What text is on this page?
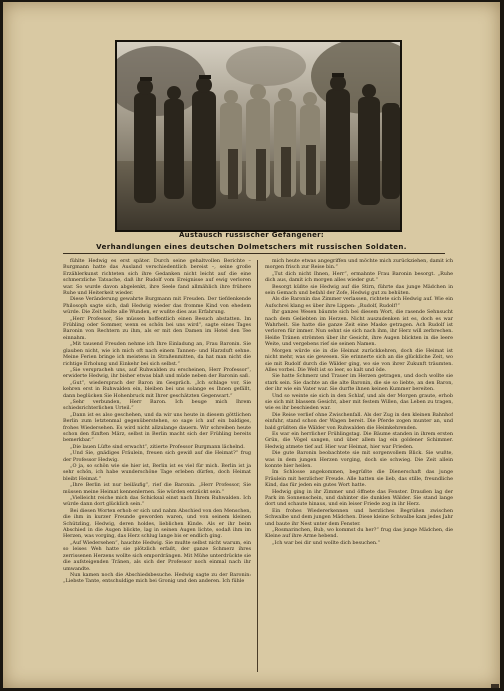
Austausch russischer Gefangener:
Verhandlungen eines deutschen Dolmetschers mit russischen Soldaten.

fühlte Hedwig es erst später. Durch seine gehaltvollen Berichte – Burgmann hatte das Ausland verschiedentlich bereist –, seine große Erzählerkunst richteten sich ihre Gedanken nicht leicht auf die eine schmerzliche Tatsache, daß ihr Rudolf vom Ereignisse auf ewig verloren war. So wurde davon abgelenkt, ihre Seele fand allmählich ihre frühere Ruhe und Heiterkeit wieder.

Diese Veränderung gewahrte Burgmann mit Freuden. Der tiefdenkende Philosoph sagte sich, daß Hedwig wieder das fromme Kind von ehedem würde. Die Zeit heilte alle Wunden, er wußte dies aus Erfahrung.

„Herr Professor, Sie müssen hoffentlich einen Besuch abstatten. Im Frühling oder Sommer, wenn es schön bei uns wird“, sagte eines Tages Baronin von Rechtern zu ihm, als er mit den Damen im Hotel den Tee einnahm.

„Mit tausend Freuden nehme ich Ihre Einladung an, Frau Baronin. Sie glauben nicht, wie ich mich oft nach einem Tannen- und Harzduft sehne. Meine Ferien bringe ich meistens in Straßenmitten, da hat man nicht die richtige Erholung und Einkehr bei sich selbst.“

„Sie verspracheh uns, auf Ruhwalden zu erscheinen, Herr Professor“, erwiderte Hedwig, ihr bisher etwas blaß und müde neben der Baronin saß.

„Gut“, wiedersprach der Baron im Gespräch. „Ich schlage vor, Sie kehren erst in Ruhwalden ein, bleiben bei uns solange es Ihnen gefällt, dann beglücken Sie Hohenbruck mit Ihrer geschätzten Gegenwart.“

„Sehr verbunden, Herr Baron. Ich beuge mich Ihrem schiedsrichterlichen Urteil.“

„Dann ist es also geschehen, und da wir uns heute in diesem göttlichen Berlin zum letztenmal gegenüberstehen, so sage ich auf ein baldiges, frohes Wiedersehen. Es wird nicht allzulange dauern. Wir schreiben heute schon den fünften März, selbst in Berlin macht sich der Frühling bereits bemerkbar.“

„Die lauen Lüfte sind erwacht“, zitierte Professor Burgmann lächelnd.

„Und Sie, gnädiges Fräulein, freuen sich gewiß auf die Heimat?“ frug der Professor Hedwig.

„O ja, so schön wie sie hier ist, Berlin ist es viel für mich. Berlin ist ja sehr schön, ich habe wunderschöne Tage erleben dürfen, doch Heimat bleibt Heimat.“

„Ihre Berlin ist nur beiläufig“, rief die Baronin. „Herr Professor, Sie müssen meine Heimat kennenlernen. Sie würden entzückt sein.“

„Vielleicht reiche mich das Schicksal einst nach Ihrem Ruhwalden. Ich würde dann dort glücklich sein.“

Bei diesen Worten erhob er sich und nahm Abschied von den Menschen, die ihm in kurzer Freunde geworden waren, und von seinem kleinen Schützling, Hedwig, deren holdes, lieblichen Kinde. Als er ihr beim Abschied in die Augen blickte, lag in seinen Augen lichte, sodaß ihm im Herzen, was vorging, das Herz schlug lange bis er endlich ging.

„Auf Wiedersehen“, hauchte Hedwig. Sie mußte selbst nicht warum, ein so leises Weh hatte sie plötzlich erfaßt, der ganze Schmerz ihres zerrissenen Herzens wollte sich empordrängen. Mit Mühe unterdrückte sie die aufsteigenden Tränen, als sich der Professor noch einmal nach ihr umwandte.

Nun kamen noch die Abschiedsbesuche. Hedwig sagte zu der Baronin: „Liebste Tante, entschuldige mich bei Gronig und den anderen. Ich fühle

mich heute etwas angegriffen und möchte mich zurückziehen, damit ich morgen frisch zur Reise bin.“

„Tut dich nicht Ihnen, Herr“, ermahnte Frau Baronin besorgt. „Ruhe dich aus, damit ich morgen alles wieder gut.“

Besorgt küßte sie Hedwig auf die Stirn, führte das junge Mädchen in sein Gemach und befahl der Zofe, Hedwig gut zu behüten.

Als die Baronin das Zimmer verlassen, richtete sich Hedwig auf. Wie ein Aufschrei klang es über ihre Lippen: „Rudolf, Rudolf!“

Ihr ganzes Wesen bäumte sich bei diesem Wort, die rasende Sehnsucht nach dem Geliebten im Herzen. Nicht auszudenken ist es, doch es war Wahrheit. Sie hatte die ganze Zeit eine Maske getragen. Ach Rudolf ist verloren für immer. Nun sehnt sie sich nach ihm, ihr Herz will zerbrechen. Heiße Tränen strömten über ihr Gesicht, ihre Augen blickten in die leere Weite, und vergebens rief sie seinen Namen.

Morgen würde sie in die Heimat zurückkehren, doch die Heimat ist nicht mehr, was sie gewesen. Sie erinnerte sich an die glückliche Zeit, wo sie mit Rudolf durch die Wälder ging, wo sie von ihrer Zukunft träumten. Alles vorbei. Die Welt ist so leer, so kalt und öde.

Sie hatte Schmerz und Trauer im Herzen getragen, und doch wollte sie stark sein. Sie dachte an die alte Baronin, die sie so liebte, an den Baron, der ihr wie ein Vater war. Sie durfte ihnen keinen Kummer bereiten.

Und so weinte sie sich in den Schlaf, und als der Morgen graute, erhob sie sich mit blassem Gesicht, aber mit festem Willen, das Leben zu tragen, wie es ihr beschieden war.

Die Reise verlief ohne Zwischenfall. Als der Zug in den kleinen Bahnhof einfuhr, stand schon der Wagen bereit. Die Pferde zogen munter an, und bald grüßten die Wälder von Ruhwalden die Heimkehrenden.

Es war ein herrlicher Frühlingstag. Die Bäume standen in ihrem ersten Grün, die Vögel sangen, und über allem lag ein goldener Schimmer. Hedwig atmete tief auf. Hier war Heimat, hier war Frieden.

Die gute Baronin beobachtete sie mit sorgenvollem Blick. Sie wußte, was in dem jungen Herzen vorging, doch sie schwieg. Die Zeit allein konnte hier heilen.

Im Schlosse angekommen, begrüßte die Dienerschaft das junge Fräulein mit herzlicher Freude. Alle hatten sie lieb, das stille, freundliche Kind, das für jeden ein gutes Wort hatte.

Hedwig ging in ihr Zimmer und öffnete das Fenster. Draußen lag der Park im Sonnenschein, und dahinter die dunklen Wälder. Sie stand lange dort und schaute hinaus, und ein leiser Friede zog in ihr Herz.

Ein frohes Wiedererkennen und herzliches Begrüßen zwischen Schwalbe und dem jungen Mädchen. Diese kleine Schwalbe kam jedes Jahr und baute ihr Nest unter dem Fenster.

„Rosmarinchen, Bub, wo kommst du her?“ frug das junge Mädchen, die Kleine auf ihre Arme hebend.

„Ich war bei dir und wollte dich besuchen.“
